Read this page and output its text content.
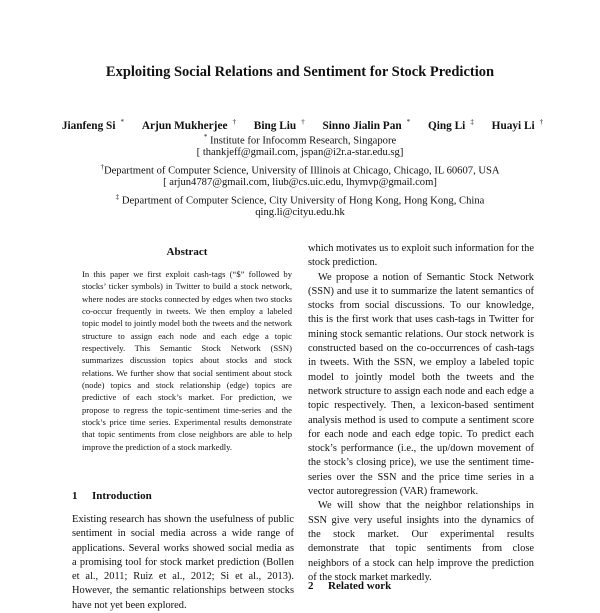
Exploiting Social Relations and Sentiment for Stock Prediction
Jianfeng Si * Arjun Mukherjee † Bing Liu † Sinno Jialin Pan * Qing Li ‡ Huayi Li †
* Institute for Infocomm Research, Singapore
[ thankjeff@gmail.com, jspan@i2r.a-star.edu.sg]
†Department of Computer Science, University of Illinois at Chicago, Chicago, IL 60607, USA
[ arjun4787@gmail.com, liub@cs.uic.edu, lhymvp@gmail.com]
‡ Department of Computer Science, City University of Hong Kong, Hong Kong, China
qing.li@cityu.edu.hk
Abstract
In this paper we first exploit cash-tags (“$” followed by stocks’ ticker symbols) in Twitter to build a stock network, where nodes are stocks connected by edges when two stocks co-occur frequently in tweets. We then employ a labeled topic model to jointly model both the tweets and the network structure to assign each node and each edge a topic respectively. This Semantic Stock Network (SSN) summarizes discussion topics about stocks and stock relations. We further show that social sentiment about stock (node) topics and stock relationship (edge) topics are predictive of each stock’s market. For prediction, we propose to regress the topic-sentiment time-series and the stock’s price time series. Experimental results demonstrate that topic sentiments from close neighbors are able to help improve the prediction of a stock markedly.
1 Introduction

Existing research has shown the usefulness of public sentiment in social media across a wide range of applications. Several works showed social media as a promising tool for stock market prediction (Bollen et al., 2011; Ruiz et al., 2012; Si et al., 2013). However, the semantic relationships between stocks have not yet been explored.

which motivates us to exploit such information for the stock prediction.

We propose a notion of Semantic Stock Network (SSN) and use it to summarize the latent semantics of stocks from social discussions. To our knowledge, this is the first work that uses cash-tags in Twitter for mining stock semantic relations. Our stock network is constructed based on the co-occurrences of cash-tags in tweets. With the SSN, we employ a labeled topic model to jointly model both the tweets and the network structure to assign each node and each edge a topic respectively. Then, a lexicon-based sentiment analysis method is used to compute a sentiment score for each node and each edge topic. To predict each stock’s performance (i.e., the up/down movement of the stock’s closing price), we use the sentiment time-series over the SSN and the price time series in a vector autoregression (VAR) framework.

We will show that the neighbor relationships in SSN give very useful insights into the dynamics of the stock market. Our experimental results demonstrate that topic sentiments from close neighbors of a stock can help improve the prediction of the stock market markedly.

2 Related work
